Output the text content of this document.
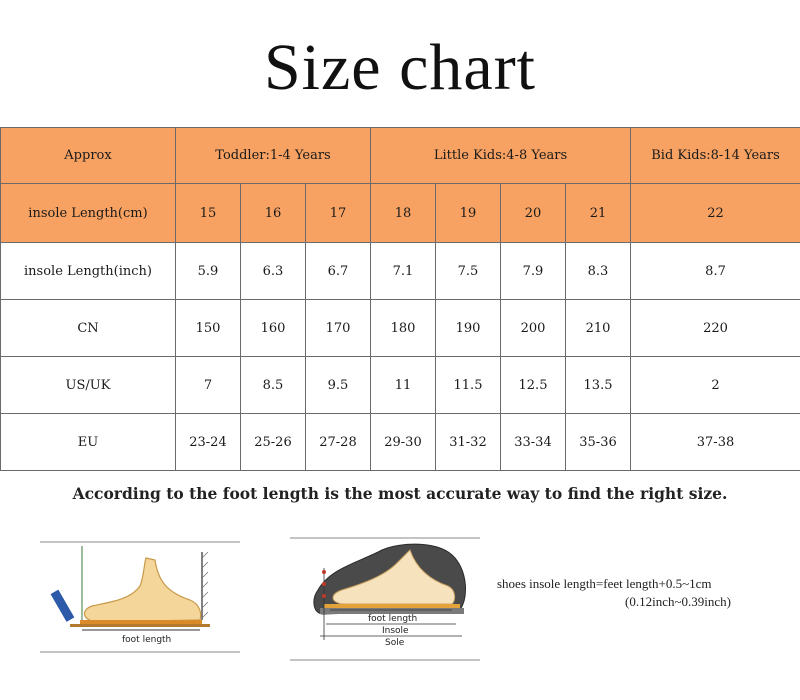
Size chart
Approx	Toddler:1-4 Years			Little Kids:4-8 Years				Bid Kids:8-14 Years
insole Length(cm)	15	16	17	18	19	20	21	22
insole Length(inch)	5.9	6.3	6.7	7.1	7.5	7.9	8.3	8.7
CN	150	160	170	180	190	200	210	220
US/UK	7	8.5	9.5	11	11.5	12.5	13.5	2
EU	23-24	25-26	27-28	29-30	31-32	33-34	35-36	37-38
According to the foot length is the most accurate way to find the right size.
foot length
foot length
Insole
Sole
shoes insole length=feet length+0.5~1cm
(0.12inch~0.39inch)
